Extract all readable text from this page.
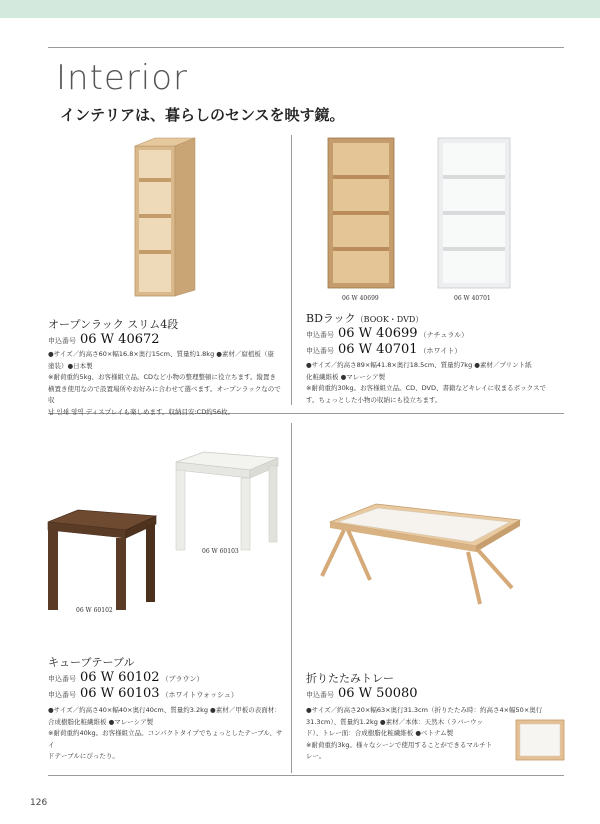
Interior
インテリアは、暮らしのセンスを映す鏡。
オープンラック スリム4段
申込番号 06 W 40672
●サイズ／約高さ60×幅16.8×奥行15cm、質量約1.8kg ●素材／腐植板（康
塗装）●日本製
※耐荷重約5kg、お客様組立品。CDなど小物の整理整頓に役立ちます。縦置き
横置き使用なので設置場所やお好みに合わせて選べます。オープンラックなので収
납 인쇄 영역 ディスプレイも楽しめます。収納目安:CD約56枚。
06 W 40699	06 W 40701
BDラック（BOOK・DVD）
申込番号 06 W 40699 （ナチュラル）
申込番号 06 W 40701 （ホワイト）
●サイズ／約高さ89×幅41.8×奥行18.5cm、質量約7kg ●素材／プリント紙
化粧繊維板 ●マレーシア製
※耐荷重約30kg。お客様組立品。CD、DVD、書籍などキレイに収まるボックスで
す。ちょっとした小物の収納にも役立ちます。
06 W 60103
06 W 60102
キューブテーブル
申込番号 06 W 60102 （ブラウン）
申込番号 06 W 60103 （ホワイトウォッシュ）
●サイズ／約高さ40×幅40×奥行40cm、質量約3.2kg ●素材／甲板の表面材：
合成樹脂化粧繊維板 ●マレーシア製
※耐荷重約40kg。お客様組立品。コンパクトタイプでちょっとしたテーブル、サイ
ドテーブルにぴったり。
折りたたみトレー
申込番号 06 W 50080
●サイズ／約高さ20×幅63×奥行31.3cm（折りたたみ時：約高さ4×幅50×奥行
31.3cm）、質量約1.2kg ●素材／本体：天然木（ラバーウッ
ド）、トレー面：合成樹脂化粧繊維板 ●ベトナム製
※耐荷重約3kg。様々なシーンで使用することができるマルチト
レー。
126
